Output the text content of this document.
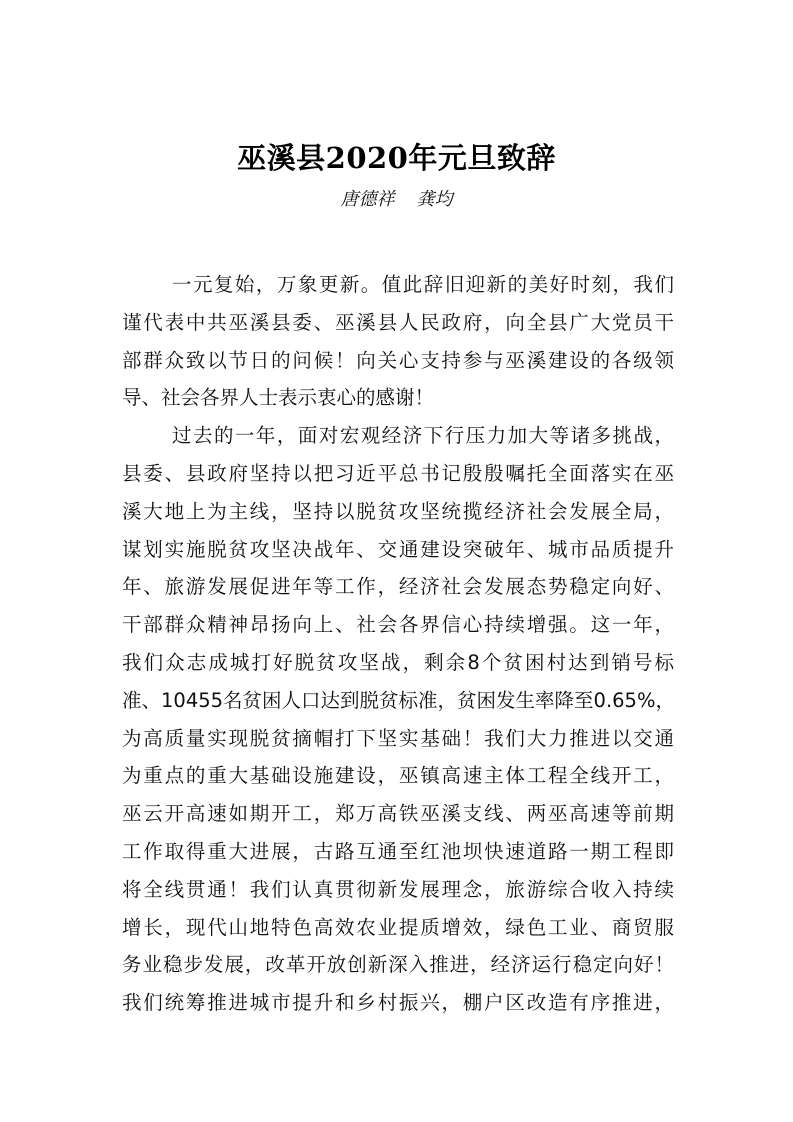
巫溪县2020年元旦致辞
唐德祥 龚均
一元复始，万象更新。值此辞旧迎新的美好时刻，我们
谨代表中共巫溪县委、巫溪县人民政府，向全县广大党员干
部群众致以节日的问候！向关心支持参与巫溪建设的各级领
导、社会各界人士表示衷心的感谢！
过去的一年，面对宏观经济下行压力加大等诸多挑战，
县委、县政府坚持以把习近平总书记殷殷嘱托全面落实在巫
溪大地上为主线，坚持以脱贫攻坚统揽经济社会发展全局，
谋划实施脱贫攻坚决战年、交通建设突破年、城市品质提升
年、旅游发展促进年等工作，经济社会发展态势稳定向好、
干部群众精神昂扬向上、社会各界信心持续增强。这一年，
我们众志成城打好脱贫攻坚战，剩余8个贫困村达到销号标
准、10455名贫困人口达到脱贫标准，贫困发生率降至0.65%，
为高质量实现脱贫摘帽打下坚实基础！我们大力推进以交通
为重点的重大基础设施建设，巫镇高速主体工程全线开工，
巫云开高速如期开工，郑万高铁巫溪支线、两巫高速等前期
工作取得重大进展，古路互通至红池坝快速道路一期工程即
将全线贯通！我们认真贯彻新发展理念，旅游综合收入持续
增长，现代山地特色高效农业提质增效，绿色工业、商贸服
务业稳步发展，改革开放创新深入推进，经济运行稳定向好！
我们统筹推进城市提升和乡村振兴，棚户区改造有序推进，
